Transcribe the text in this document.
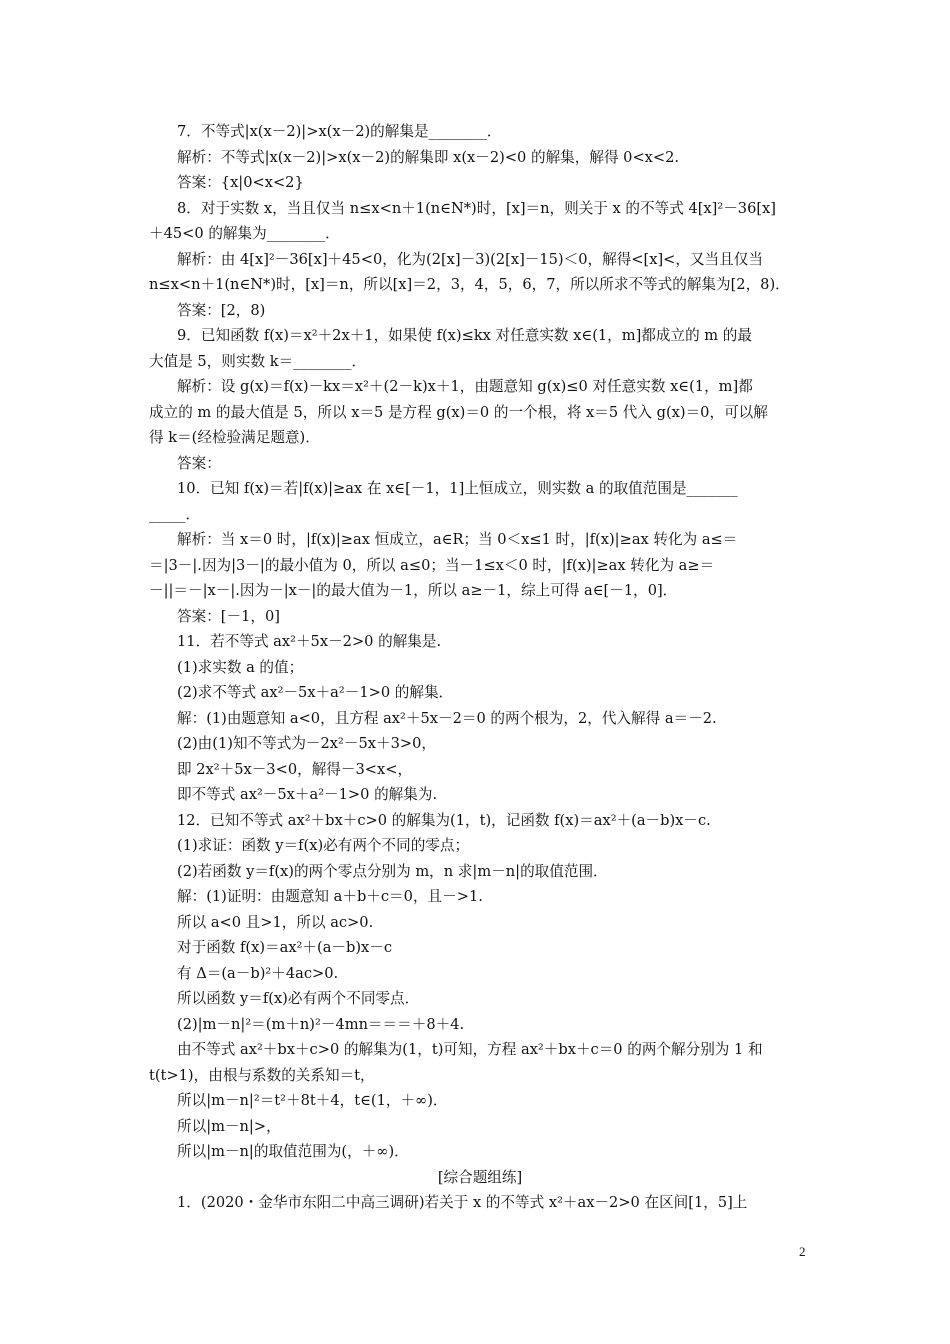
7．不等式|x(x－2)|>x(x－2)的解集是________．
解析：不等式|x(x－2)|>x(x－2)的解集即 x(x－2)<0 的解集，解得 0<x<2.
答案：{x|0<x<2}
8．对于实数 x，当且仅当 n≤x<n＋1(n∈N*)时，[x]＝n，则关于 x 的不等式 4[x]²－36[x]
＋45<0 的解集为________．
解析：由 4[x]²－36[x]＋45<0，化为(2[x]－3)(2[x]－15)＜0，解得<[x]<，又当且仅当
n≤x<n＋1(n∈N*)时，[x]＝n，所以[x]＝2，3，4，5，6，7，所以所求不等式的解集为[2，8)．
答案：[2，8)
9．已知函数 f(x)＝x²＋2x＋1，如果使 f(x)≤kx 对任意实数 x∈(1，m]都成立的 m 的最
大值是 5，则实数 k＝________．
解析：设 g(x)＝f(x)－kx＝x²＋(2－k)x＋1，由题意知 g(x)≤0 对任意实数 x∈(1，m]都
成立的 m 的最大值是 5，所以 x＝5 是方程 g(x)＝0 的一个根，将 x＝5 代入 g(x)＝0，可以解
得 k＝(经检验满足题意)．
答案：
10．已知 f(x)＝若|f(x)|≥ax 在 x∈[－1，1]上恒成立，则实数 a 的取值范围是_______
_____．
解析：当 x＝0 时，|f(x)|≥ax 恒成立，a∈R；当 0＜x≤1 时，|f(x)|≥ax 转化为 a≤＝
＝|3－|.因为|3－|的最小值为 0，所以 a≤0；当－1≤x＜0 时，|f(x)|≥ax 转化为 a≥＝
－||＝－|x－|.因为－|x－|的最大值为－1，所以 a≥－1，综上可得 a∈[－1，0]．
答案：[－1，0]
11．若不等式 ax²＋5x－2>0 的解集是.
(1)求实数 a 的值；
(2)求不等式 ax²－5x＋a²－1>0 的解集．
解：(1)由题意知 a<0，且方程 ax²＋5x－2＝0 的两个根为，2，代入解得 a＝－2.
(2)由(1)知不等式为－2x²－5x＋3>0，
即 2x²＋5x－3<0，解得－3<x<，
即不等式 ax²－5x＋a²－1>0 的解集为.
12．已知不等式 ax²＋bx＋c>0 的解集为(1，t)，记函数 f(x)＝ax²＋(a－b)x－c.
(1)求证：函数 y＝f(x)必有两个不同的零点；
(2)若函数 y＝f(x)的两个零点分别为 m，n 求|m－n|的取值范围．
解：(1)证明：由题意知 a＋b＋c＝0，且－>1.
所以 a<0 且>1，所以 ac>0.
对于函数 f(x)＝ax²＋(a－b)x－c
有 Δ＝(a－b)²＋4ac>0.
所以函数 y＝f(x)必有两个不同零点．
(2)|m－n|²＝(m＋n)²－4mn＝＝＝＋8＋4.
由不等式 ax²＋bx＋c>0 的解集为(1，t)可知，方程 ax²＋bx＋c＝0 的两个解分别为 1 和
t(t>1)，由根与系数的关系知＝t，
所以|m－n|²＝t²＋8t＋4，t∈(1，＋∞)．
所以|m－n|>，
所以|m－n|的取值范围为(，＋∞)．
[综合题组练]
1．(2020・金华市东阳二中高三调研)若关于 x 的不等式 x²＋ax－2>0 在区间[1，5]上
2
